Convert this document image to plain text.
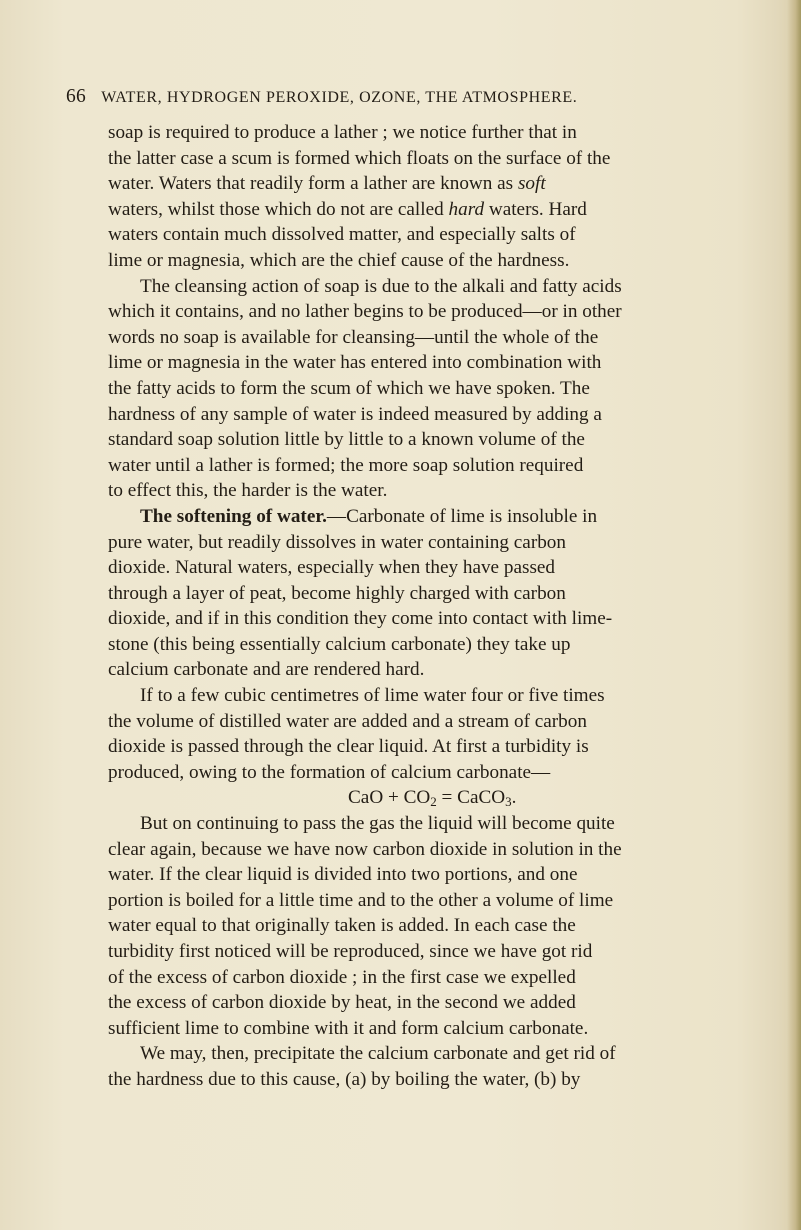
66 WATER, HYDROGEN PEROXIDE, OZONE, THE ATMOSPHERE.
soap is required to produce a lather ; we notice further that in
the latter case a scum is formed which floats on the surface of the
water. Waters that readily form a lather are known as soft
waters, whilst those which do not are called hard waters. Hard
waters contain much dissolved matter, and especially salts of
lime or magnesia, which are the chief cause of the hardness.
The cleansing action of soap is due to the alkali and fatty acids
which it contains, and no lather begins to be produced—or in other
words no soap is available for cleansing—until the whole of the
lime or magnesia in the water has entered into combination with
the fatty acids to form the scum of which we have spoken. The
hardness of any sample of water is indeed measured by adding a
standard soap solution little by little to a known volume of the
water until a lather is formed; the more soap solution required
to effect this, the harder is the water.
The softening of water.—Carbonate of lime is insoluble in
pure water, but readily dissolves in water containing carbon
dioxide. Natural waters, especially when they have passed
through a layer of peat, become highly charged with carbon
dioxide, and if in this condition they come into contact with lime-
stone (this being essentially calcium carbonate) they take up
calcium carbonate and are rendered hard.
If to a few cubic centimetres of lime water four or five times
the volume of distilled water are added and a stream of carbon
dioxide is passed through the clear liquid. At first a turbidity is
produced, owing to the formation of calcium carbonate—
CaO + $CO_2$ = CaCO$_3$.
But on continuing to pass the gas the liquid will become quite
clear again, because we have now carbon dioxide in solution in the
water. If the clear liquid is divided into two portions, and one
portion is boiled for a little time and to the other a volume of lime
water equal to that originally taken is added. In each case the
turbidity first noticed will be reproduced, since we have got rid
of the excess of carbon dioxide ; in the first case we expelled
the excess of carbon dioxide by heat, in the second we added
sufficient lime to combine with it and form calcium carbonate.
We may, then, precipitate the calcium carbonate and get rid of
the hardness due to this cause, (a) by boiling the water, (b) by
